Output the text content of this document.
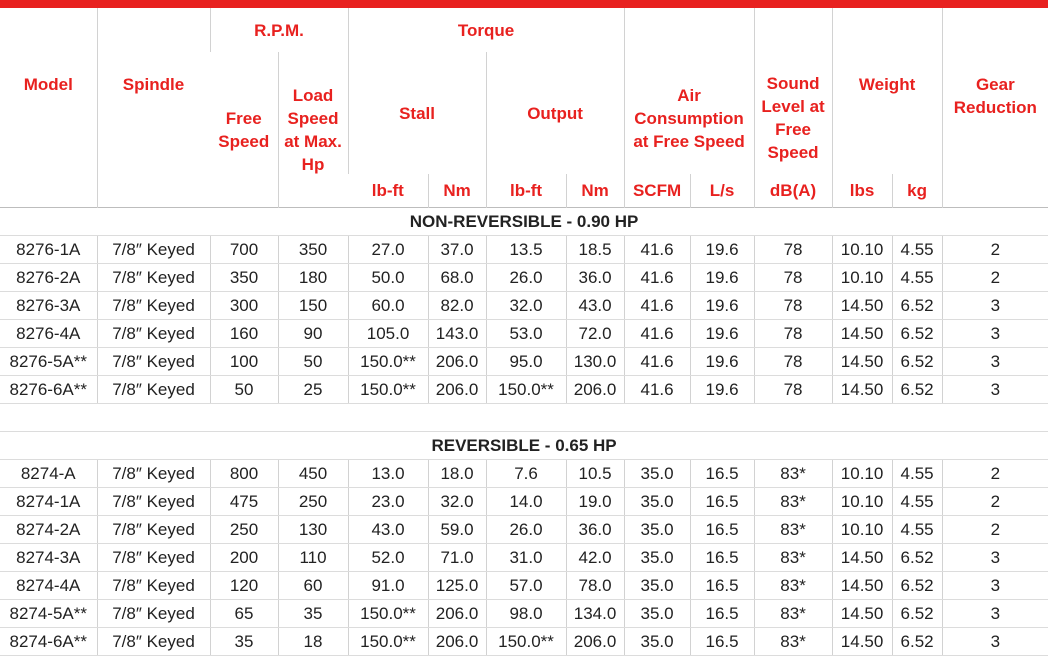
Model	Spindle	R.P.M.		Torque				Air Consumption at Free Speed		Sound Level at Free Speed	Weight		Gear Reduction
		Free Speed	Load Speed at Max. Hp	Stall		Output							
				lb-ft	Nm	lb-ft	Nm	SCFM	L/s	dB(A)	lbs	kg	
NON-REVERSIBLE - 0.90 HP													
8276-1A	7/8″ Keyed	700	350	27.0	37.0	13.5	18.5	41.6	19.6	78	10.10	4.55	2
8276-2A	7/8″ Keyed	350	180	50.0	68.0	26.0	36.0	41.6	19.6	78	10.10	4.55	2
8276-3A	7/8″ Keyed	300	150	60.0	82.0	32.0	43.0	41.6	19.6	78	14.50	6.52	3
8276-4A	7/8″ Keyed	160	90	105.0	143.0	53.0	72.0	41.6	19.6	78	14.50	6.52	3
8276-5A**	7/8″ Keyed	100	50	150.0**	206.0	95.0	130.0	41.6	19.6	78	14.50	6.52	3
8276-6A**	7/8″ Keyed	50	25	150.0**	206.0	150.0**	206.0	41.6	19.6	78	14.50	6.52	3

REVERSIBLE - 0.65 HP													
8274-A	7/8″ Keyed	800	450	13.0	18.0	7.6	10.5	35.0	16.5	83*	10.10	4.55	2
8274-1A	7/8″ Keyed	475	250	23.0	32.0	14.0	19.0	35.0	16.5	83*	10.10	4.55	2
8274-2A	7/8″ Keyed	250	130	43.0	59.0	26.0	36.0	35.0	16.5	83*	10.10	4.55	2
8274-3A	7/8″ Keyed	200	110	52.0	71.0	31.0	42.0	35.0	16.5	83*	14.50	6.52	3
8274-4A	7/8″ Keyed	120	60	91.0	125.0	57.0	78.0	35.0	16.5	83*	14.50	6.52	3
8274-5A**	7/8″ Keyed	65	35	150.0**	206.0	98.0	134.0	35.0	16.5	83*	14.50	6.52	3
8274-6A**	7/8″ Keyed	35	18	150.0**	206.0	150.0**	206.0	35.0	16.5	83*	14.50	6.52	3
